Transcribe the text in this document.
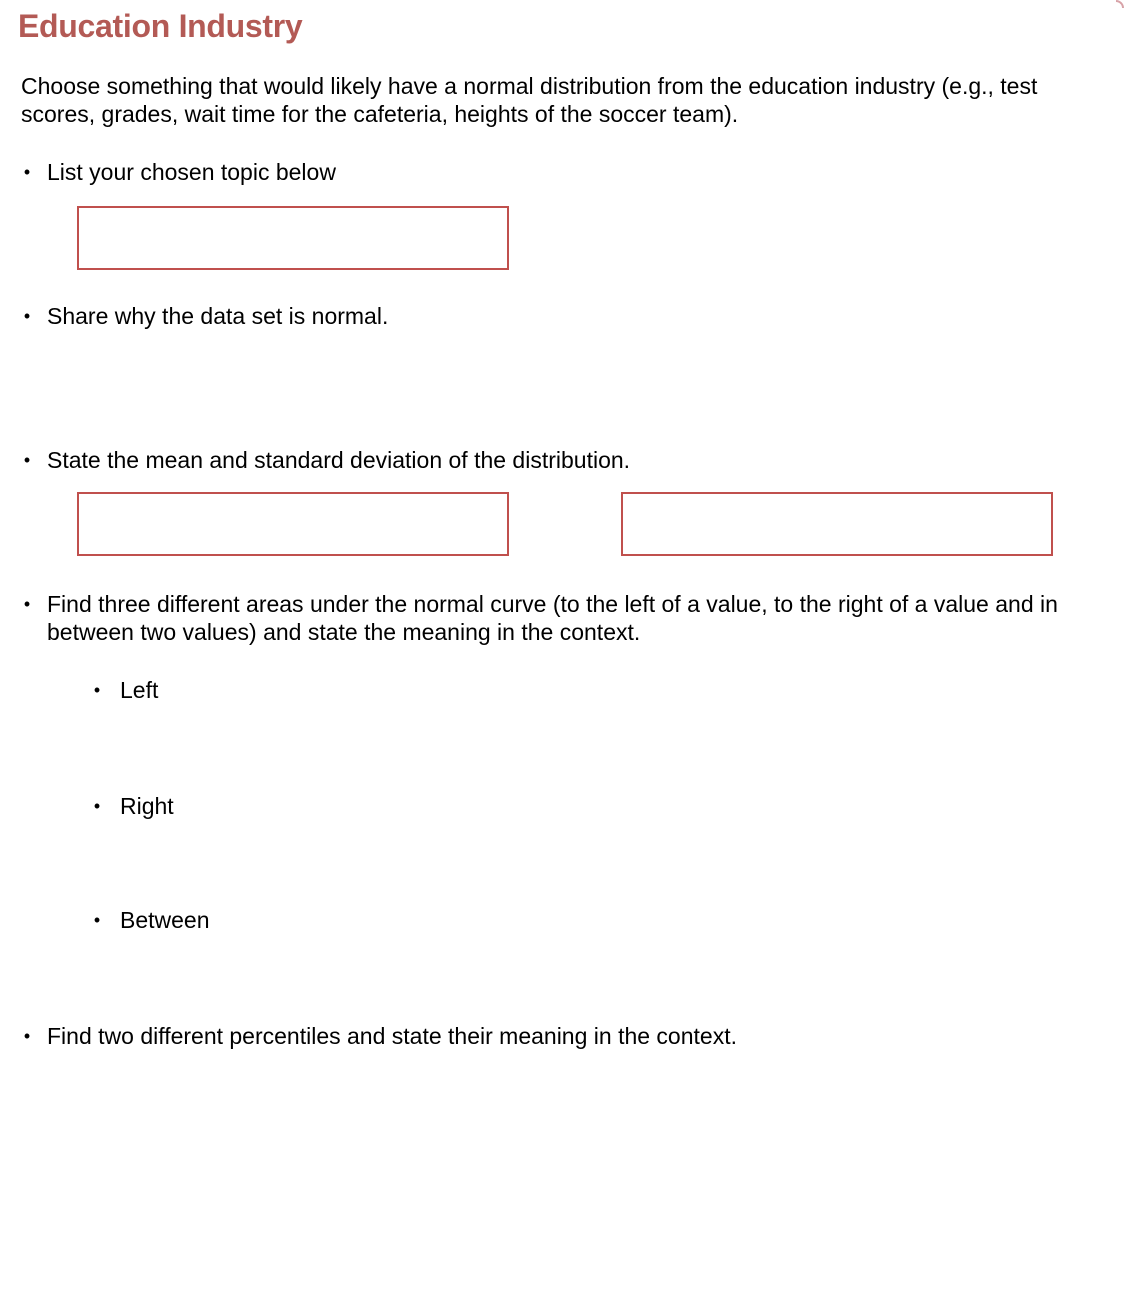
Education Industry

Choose something that would likely have a normal distribution from the education industry (e.g., test scores, grades, wait time for the cafeteria, heights of the soccer team).

• List your chosen topic below
• Share why the data set is normal.
• State the mean and standard deviation of the distribution.
• Find three different areas under the normal curve (to the left of a value, to the right of a value and in between two values) and state the meaning in the context.
• Left
• Right
• Between
• Find two different percentiles and state their meaning in the context.
